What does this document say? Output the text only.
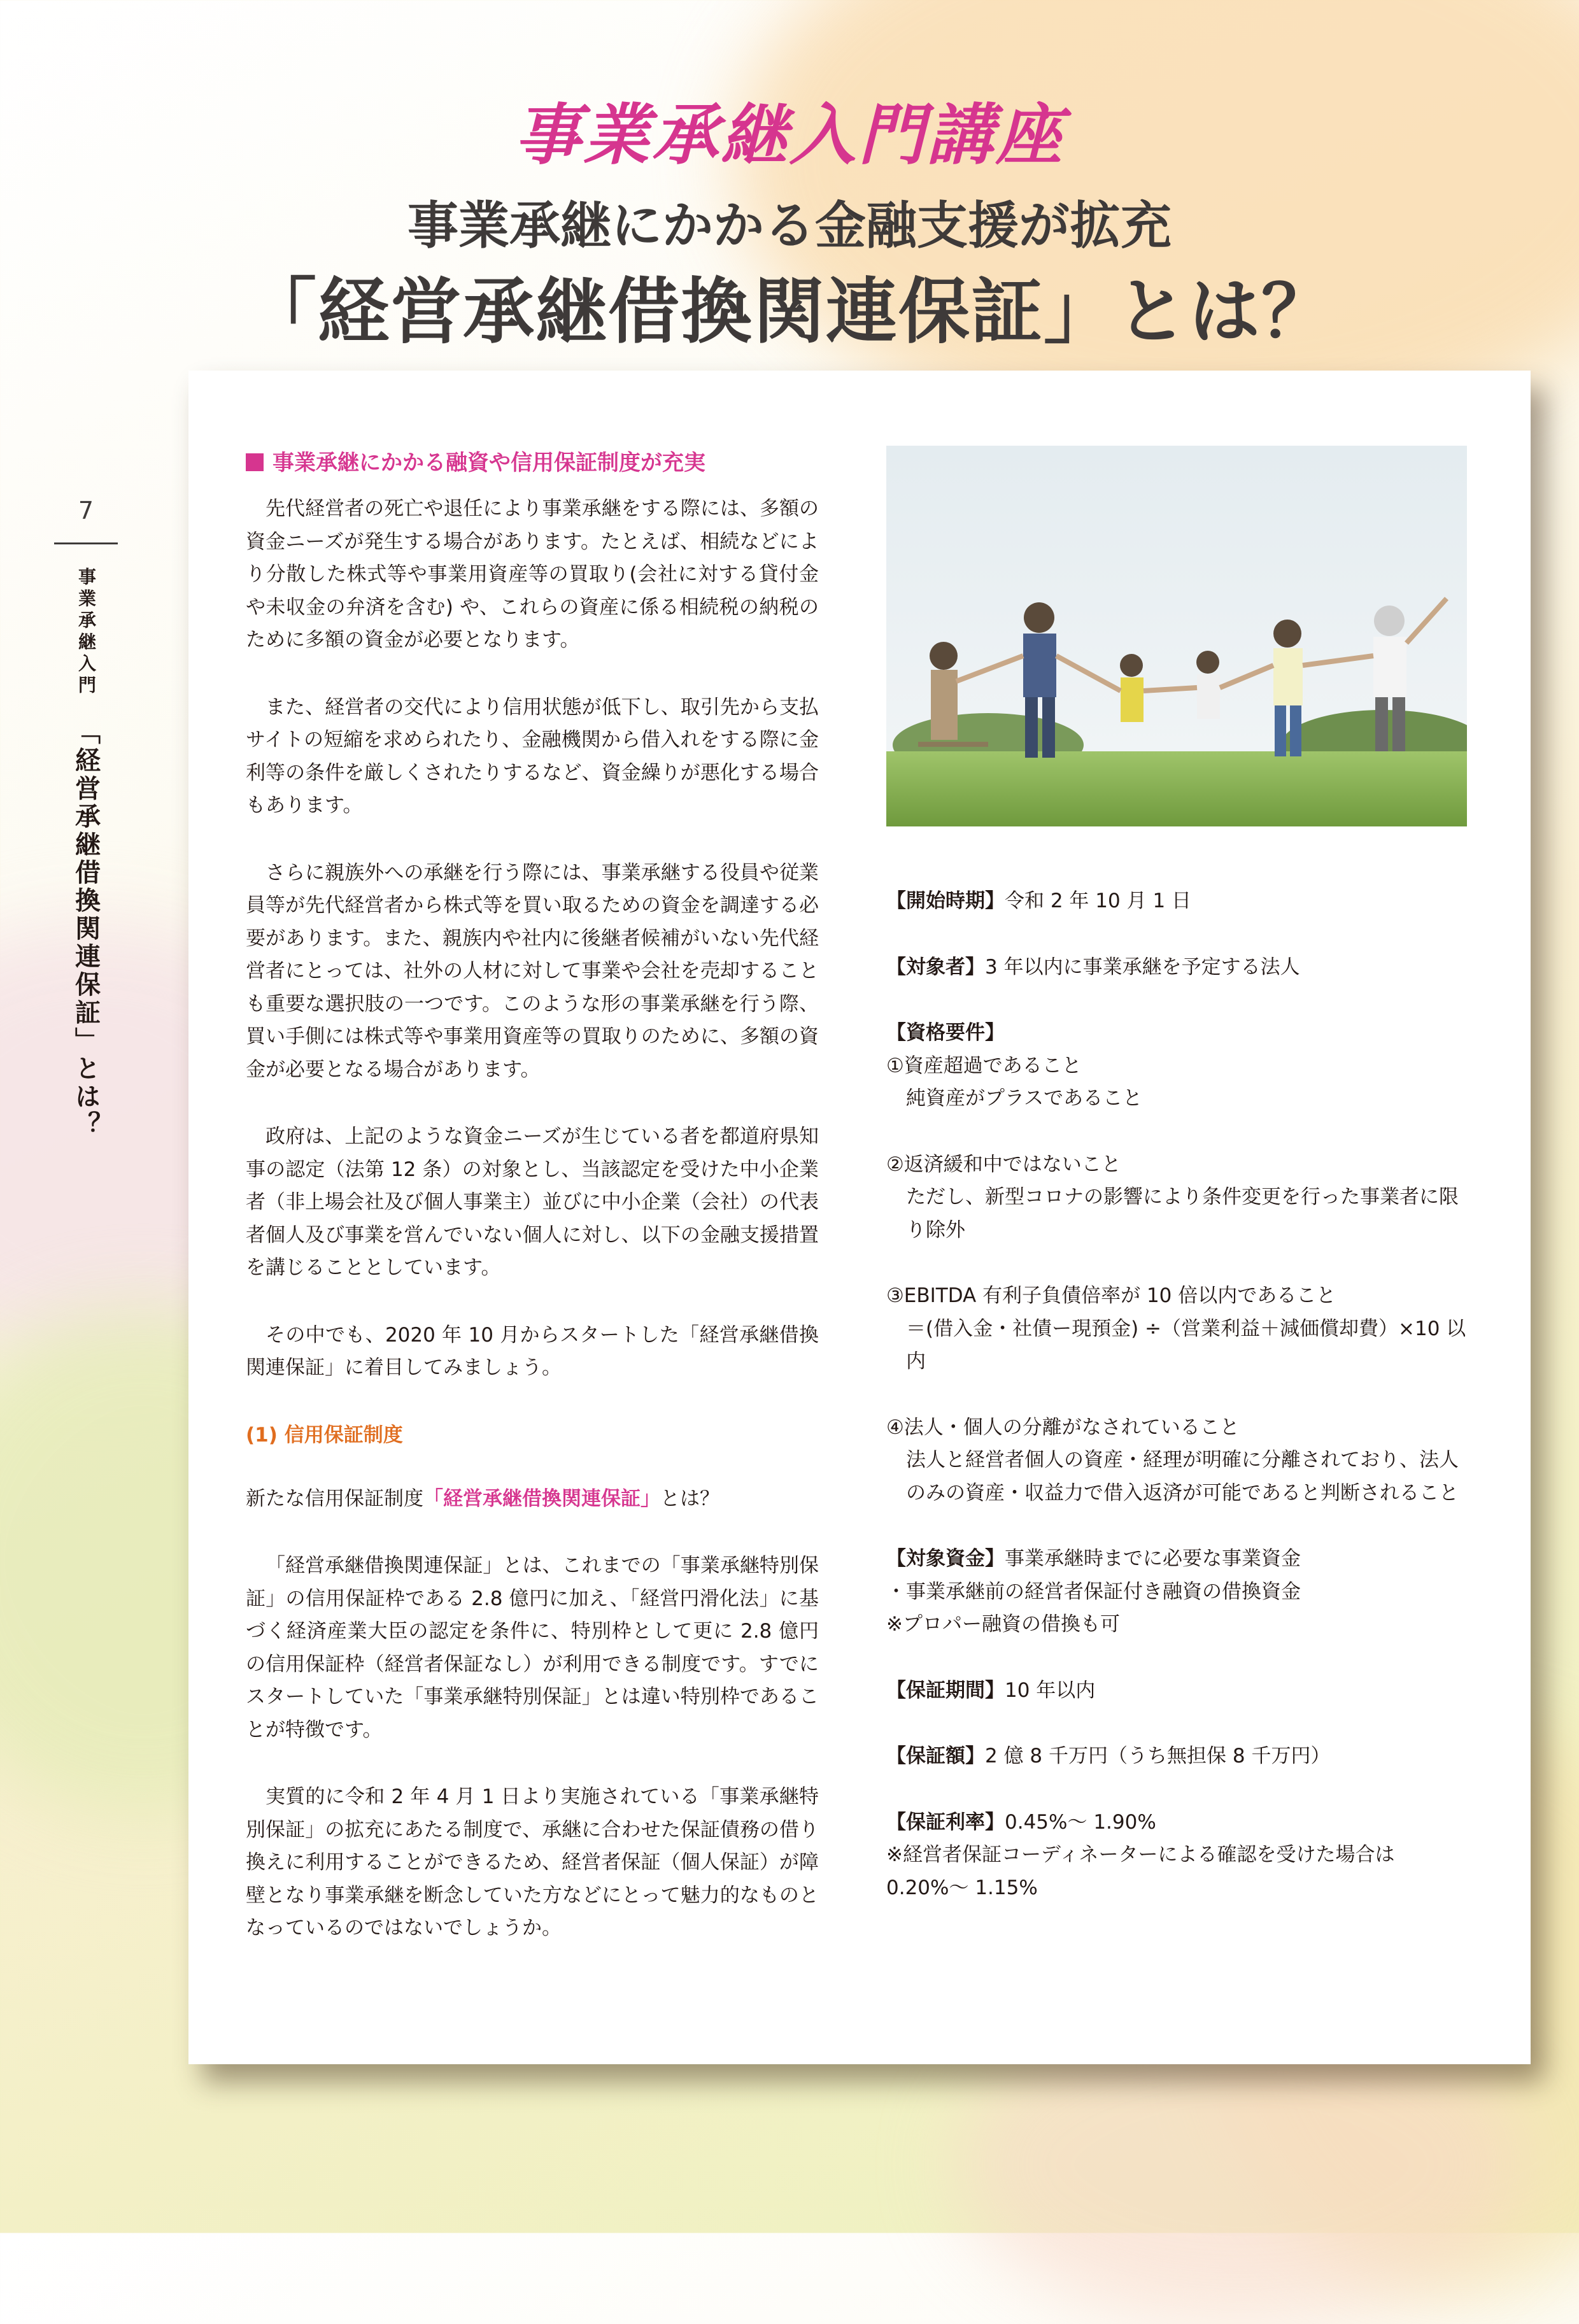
事業承継入門講座
事業承継にかかる金融支援が拡充
「経営承継借換関連保証」とは？
7
事業承継入門
「経営承継借換関連保証」とは？
事業承継にかかる融資や信用保証制度が充実

先代経営者の死亡や退任により事業承継をする際には、多額の資金ニーズが発生する場合があります。たとえば、相続などにより分散した株式等や事業用資産等の買取り(会社に対する貸付金や未収金の弁済を含む) や、これらの資産に係る相続税の納税のために多額の資金が必要となります。

また、経営者の交代により信用状態が低下し、取引先から支払サイトの短縮を求められたり、金融機関から借入れをする際に金利等の条件を厳しくされたりするなど、資金繰りが悪化する場合もあります。

さらに親族外への承継を行う際には、事業承継する役員や従業員等が先代経営者から株式等を買い取るための資金を調達する必要があります。また、親族内や社内に後継者候補がいない先代経営者にとっては、社外の人材に対して事業や会社を売却することも重要な選択肢の一つです。このような形の事業承継を行う際、買い手側には株式等や事業用資産等の買取りのために、多額の資金が必要となる場合があります。

政府は、上記のような資金ニーズが生じている者を都道府県知事の認定（法第 12 条）の対象とし、当該認定を受けた中小企業者（非上場会社及び個人事業主）並びに中小企業（会社）の代表者個人及び事業を営んでいない個人に対し、以下の金融支援措置を講じることとしています。

その中でも、2020 年 10 月からスタートした「経営承継借換関連保証」に着目してみましょう。

(1) 信用保証制度
新たな信用保証制度「経営承継借換関連保証」とは？

「経営承継借換関連保証」とは、これまでの「事業承継特別保証」の信用保証枠である 2.8 億円に加え、「経営円滑化法」に基づく経済産業大臣の認定を条件に、特別枠として更に 2.8 億円の信用保証枠（経営者保証なし）が利用できる制度です。すでにスタートしていた「事業承継特別保証」とは違い特別枠であることが特徴です。

実質的に令和 2 年 4 月 1 日より実施されている「事業承継特別保証」の拡充にあたる制度で、承継に合わせた保証債務の借り換えに利用することができるため、経営者保証（個人保証）が障壁となり事業承継を断念していた方などにとって魅力的なものとなっているのではないでしょうか。

【開始時期】令和 2 年 10 月 1 日
【対象者】3 年以内に事業承継を予定する法人
【資格要件】
①資産超過であること
純資産がプラスであること
②返済緩和中ではないこと
ただし、新型コロナの影響により条件変更を行った事業者に限り除外
③EBITDA 有利子負債倍率が 10 倍以内であること
＝(借入金・社債ー現預金) ÷（営業利益＋減価償却費）×10 以内
④法人・個人の分離がなされていること
法人と経営者個人の資産・経理が明確に分離されており、法人のみの資産・収益力で借入返済が可能であると判断されること
【対象資金】事業承継時までに必要な事業資金
・事業承継前の経営者保証付き融資の借換資金
※プロパー融資の借換も可
【保証期間】10 年以内
【保証額】2 億 8 千万円（うち無担保 8 千万円）
【保証利率】0.45%～ 1.90%
※経営者保証コーディネーターによる確認を受けた場合は
0.20%～ 1.15%
